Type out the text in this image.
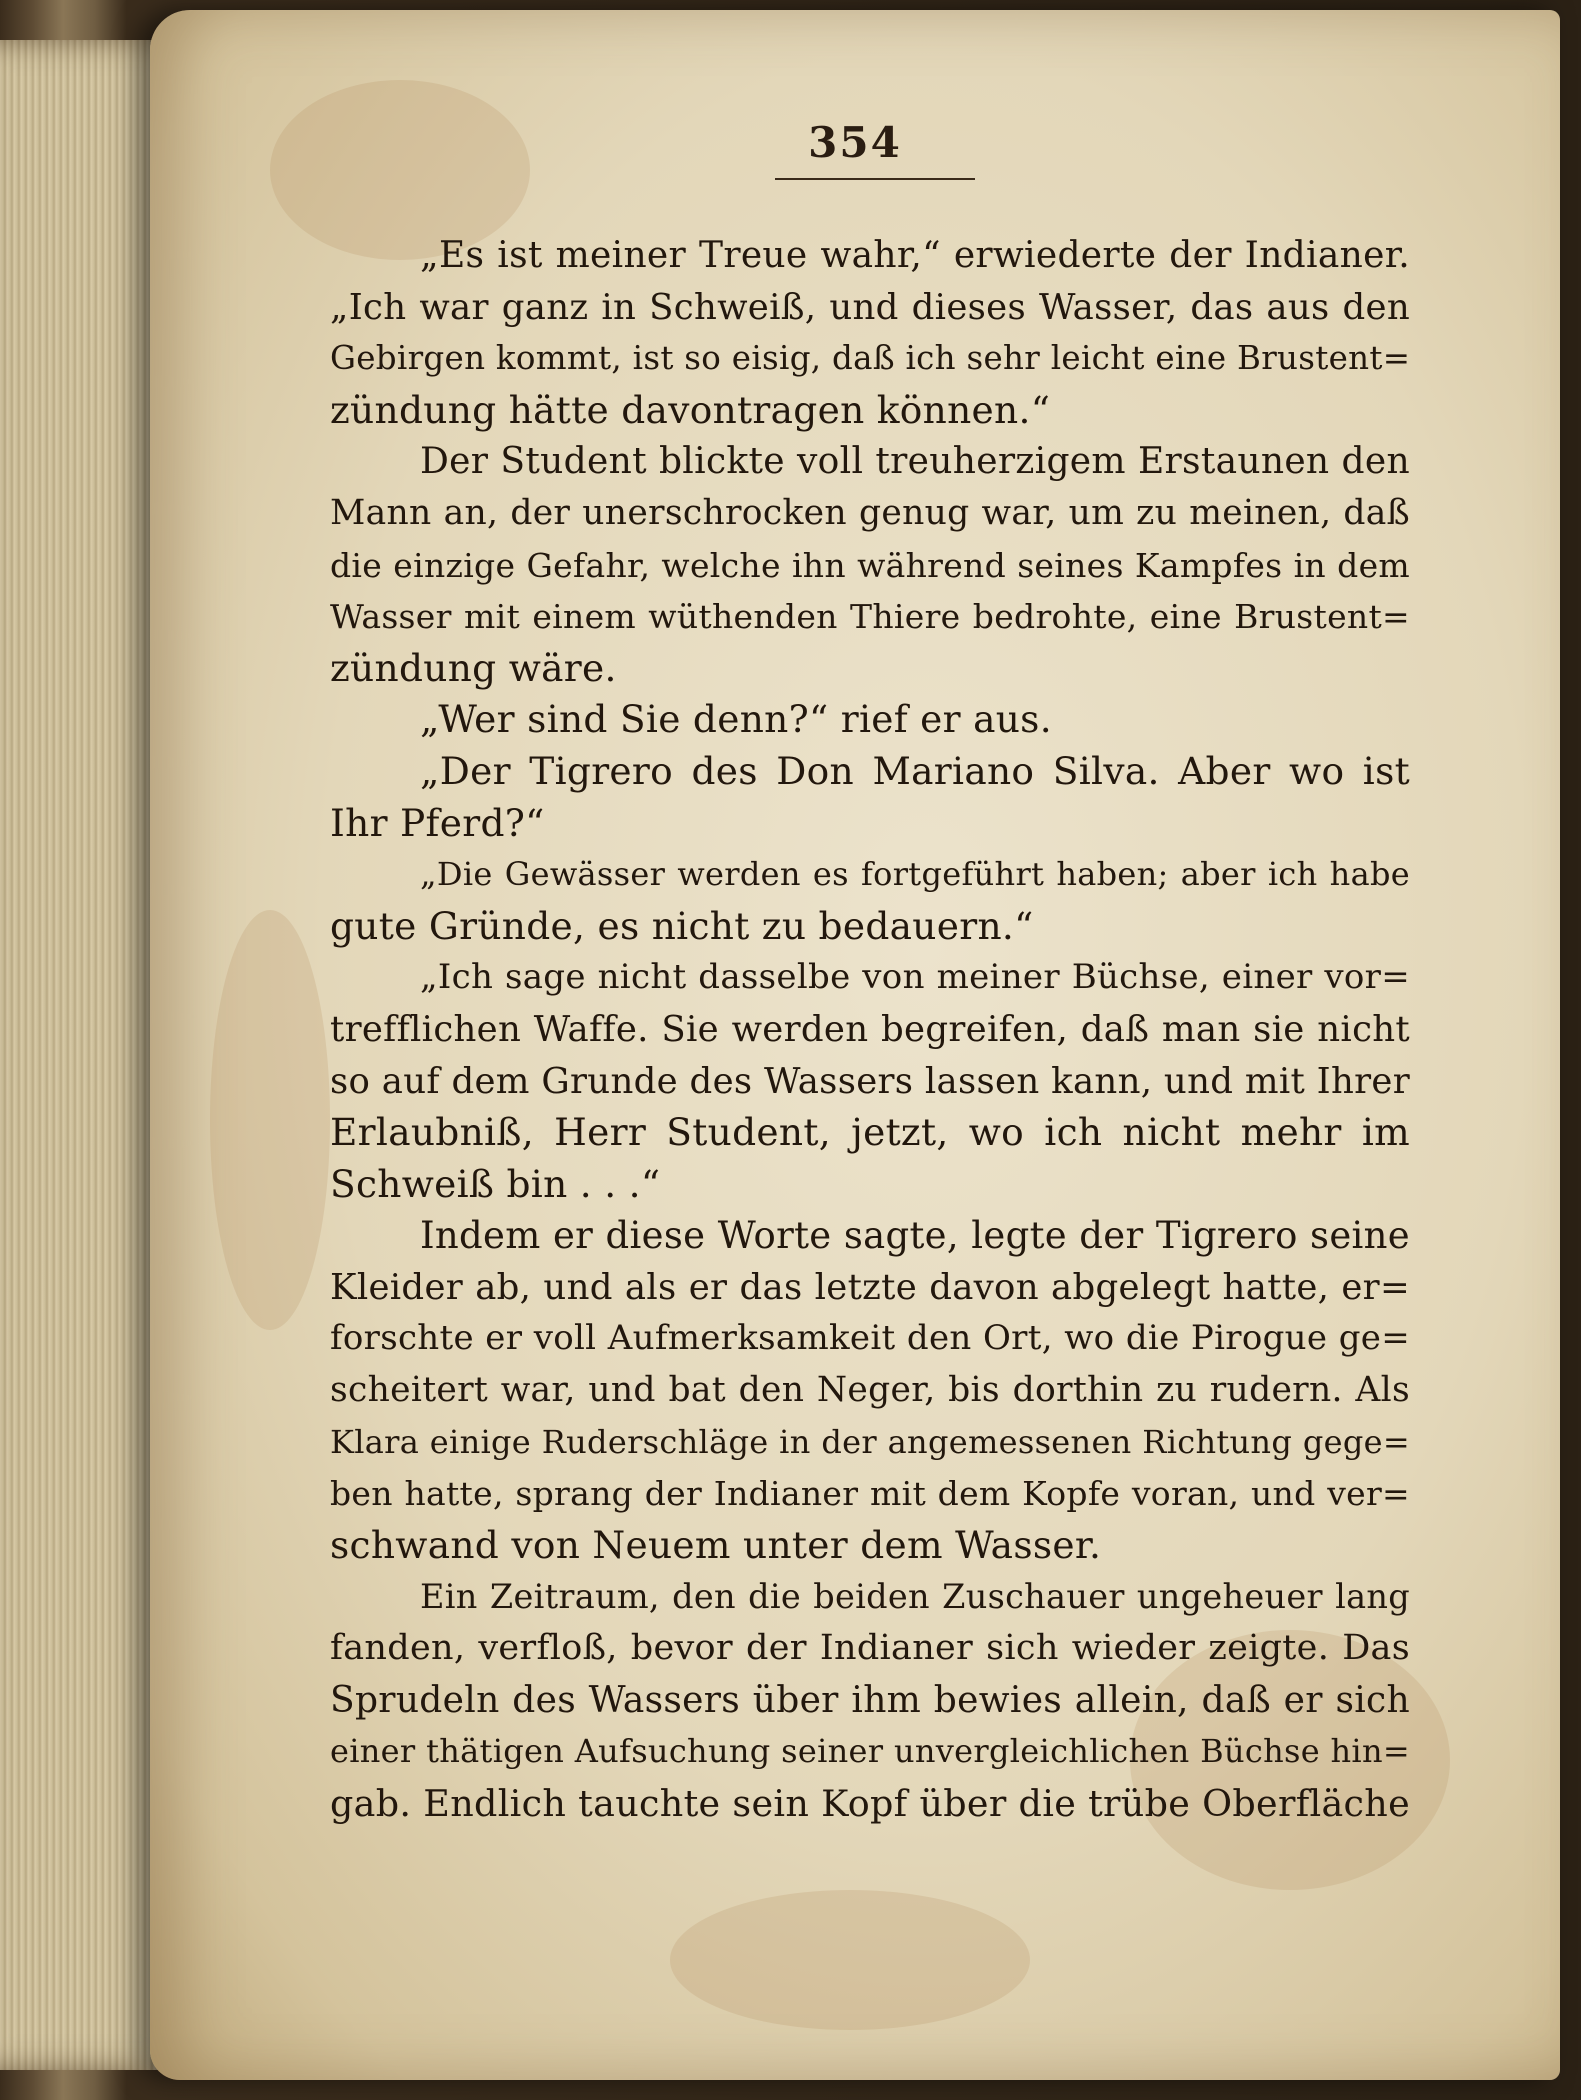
354
„Es ist meiner Treue wahr,“ erwiederte der Indianer.
„Ich war ganz in Schweiß, und dieses Wasser, das aus den
Gebirgen kommt, ist so eisig, daß ich sehr leicht eine Brustent=
zündung hätte davontragen können.“
Der Student blickte voll treuherzigem Erstaunen den
Mann an, der unerschrocken genug war, um zu meinen, daß
die einzige Gefahr, welche ihn während seines Kampfes in dem
Wasser mit einem wüthenden Thiere bedrohte, eine Brustent=
zündung wäre.
„Wer sind Sie denn?“ rief er aus.
„Der Tigrero des Don Mariano Silva. Aber wo ist
Ihr Pferd?“
„Die Gewässer werden es fortgeführt haben; aber ich habe
gute Gründe, es nicht zu bedauern.“
„Ich sage nicht dasselbe von meiner Büchse, einer vor=
trefflichen Waffe. Sie werden begreifen, daß man sie nicht
so auf dem Grunde des Wassers lassen kann, und mit Ihrer
Erlaubniß, Herr Student, jetzt, wo ich nicht mehr im
Schweiß bin . . .“
Indem er diese Worte sagte, legte der Tigrero seine
Kleider ab, und als er das letzte davon abgelegt hatte, er=
forschte er voll Aufmerksamkeit den Ort, wo die Pirogue ge=
scheitert war, und bat den Neger, bis dorthin zu rudern. Als
Klara einige Ruderschläge in der angemessenen Richtung gege=
ben hatte, sprang der Indianer mit dem Kopfe voran, und ver=
schwand von Neuem unter dem Wasser.
Ein Zeitraum, den die beiden Zuschauer ungeheuer lang
fanden, verfloß, bevor der Indianer sich wieder zeigte. Das
Sprudeln des Wassers über ihm bewies allein, daß er sich
einer thätigen Aufsuchung seiner unvergleichlichen Büchse hin=
gab. Endlich tauchte sein Kopf über die trübe Oberfläche
